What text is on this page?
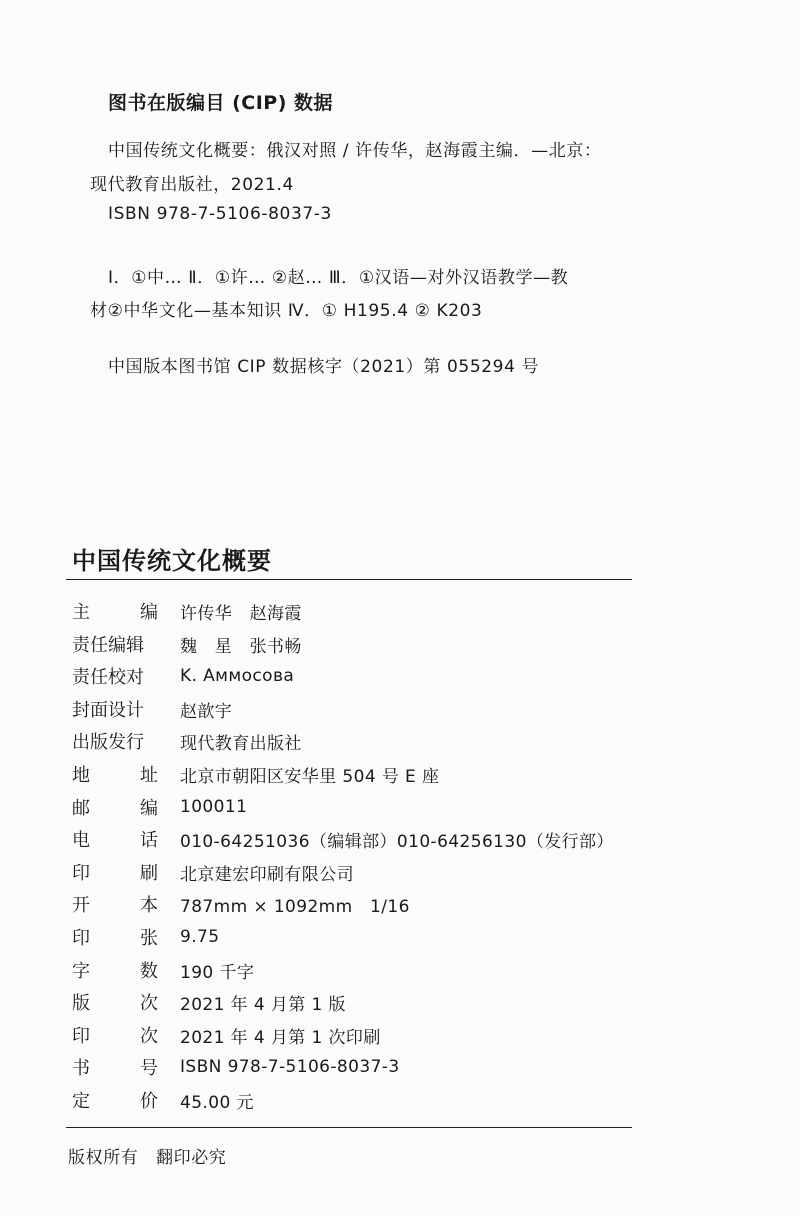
图书在版编目 (CIP) 数据
中国传统文化概要：俄汉对照 / 许传华，赵海霞主编．—北京：
现代教育出版社，2021.4
ISBN 978-7-5106-8037-3
Ⅰ．①中… Ⅱ．①许… ②赵… Ⅲ．①汉语—对外汉语教学—教
材②中华文化—基本知识 Ⅳ．① H195.4 ② K203
中国版本图书馆 CIP 数据核字（2021）第 055294 号
中国传统文化概要
主	编 许传华　赵海霞
责任编辑 魏　星　张书畅
责任校对 K. Аммосова
封面设计 赵歆宇
出版发行 现代教育出版社
地	址 北京市朝阳区安华里 504 号 E 座
邮	编 100011
电	话 010-64251036（编辑部）010-64256130（发行部）
印	刷 北京建宏印刷有限公司
开	本 787mm × 1092mm　1/16
印	张 9.75
字	数 190 千字
版	次 2021 年 4 月第 1 版
印	次 2021 年 4 月第 1 次印刷
书	号 ISBN 978-7-5106-8037-3
定	价 45.00 元
版权所有　翻印必究
